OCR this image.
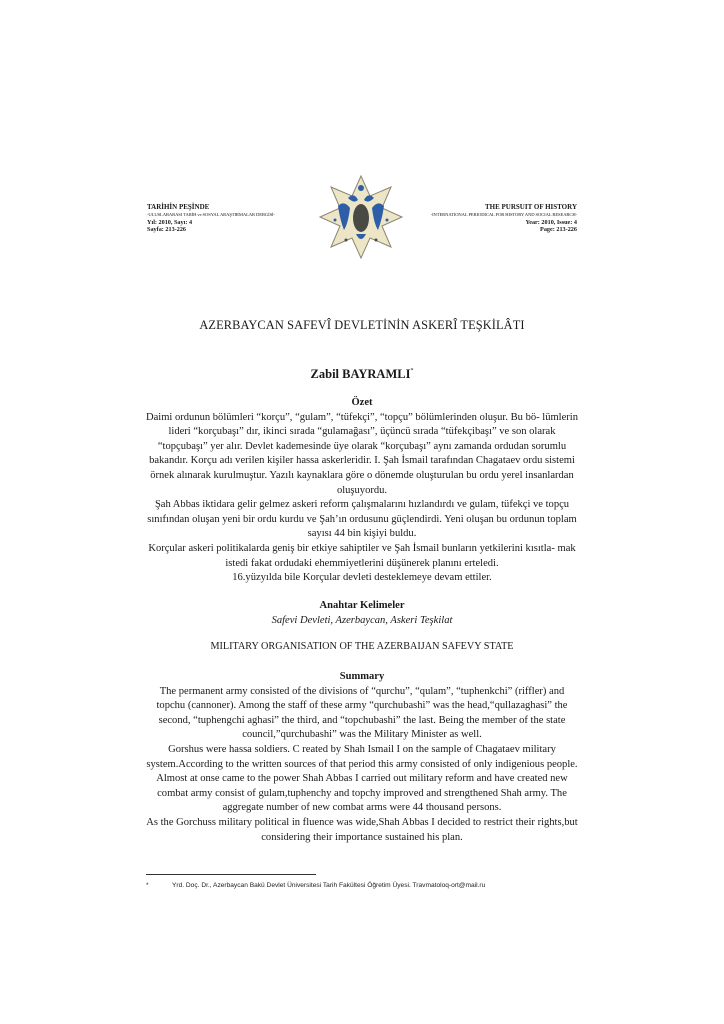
TARİHİN PEŞİNDE
-ULUSLARARASI TARİH ve SOSYAL ARAŞTIRMALAR DERGİSİ-
Yıl: 2010, Sayı: 4
Sayfa: 213-226
THE PURSUIT OF HISTORY
-INTERNATIONAL PERIODICAL FOR HISTORY AND SOCIAL RESEARCH-
Year: 2010, Issue: 4
Page: 213-226
AZERBAYCAN SAFEVÎ DEVLETİNİN ASKERÎ TEŞKİLÂTI
Zabil BAYRAMLI*

Özet

Daimi ordunun bölümleri “korçu”, “gulam”, “tüfekçi”, “topçu” bölümlerinden oluşur. Bu bö- lümlerin lideri “korçubaşı” dır, ikinci sırada “gulamağası”, üçüncü sırada “tüfekçibaşı” ve son olarak “topçubaşı” yer alır. Devlet kademesinde üye olarak “korçubaşı” aynı zamanda ordudan sorumlu bakandır. Korçu adı verilen kişiler hassa askerleridir. I. Şah İsmail tarafından Chagataev ordu sistemi örnek alınarak kurulmuştur. Yazılı kaynaklara göre o dönemde oluşturulan bu ordu yerel insanlardan oluşuyordu.

Şah Abbas iktidara gelir gelmez askeri reform çalışmalarını hızlandırdı ve gulam, tüfekçi ve topçu sınıfından oluşan yeni bir ordu kurdu ve Şah’ın ordusunu güçlendirdi. Yeni oluşan bu ordunun toplam sayısı 44 bin kişiyi buldu.

Korçular askeri politikalarda geniş bir etkiye sahiptiler ve Şah İsmail bunların yetkilerini kısıtla- mak istedi fakat ordudaki ehemmiyetlerini düşünerek planını erteledi.

16.yüzyılda bile Korçular devleti desteklemeye devam ettiler.

Anahtar Kelimeler

Safevi Devleti, Azerbaycan, Askeri Teşkilat

MILITARY ORGANISATION OF THE AZERBAIJAN SAFEVY STATE

Summary

The permanent army consisted of the divisions of “qurchu”, “qulam”, “tuphenkchi” (riffler) and topchu (cannoner). Among the staff of these army “qurchubashi” was the head,“qullazaghasi” the second, “tuphengchi aghasi” the third, and “topchubashi” the last. Being the member of the state council,”qurchubashi” was the Military Minister as well.

Gorshus were hassa soldiers. C reated by Shah Ismail I on the sample of Chagataev military system.According to the written sources of that period this army consisted of only indigenious people.

Almost at onse came to the power Shah Abbas I carried out military reform and have created new combat army consist of gulam,tuphenchy and topchy improved and strengthened Shah army. The aggregate number of new combat arms were 44 thousand persons.

As the Gorchuss military political in fluence was wide,Shah Abbas I decided to restrict their rights,but considering their importance sustained his plan.

*	Yrd. Doç. Dr., Azerbaycan Bakü Devlet Üniversitesi Tarih Fakültesi Öğretim Üyesi. Travmatoloq-ort@mail.ru
